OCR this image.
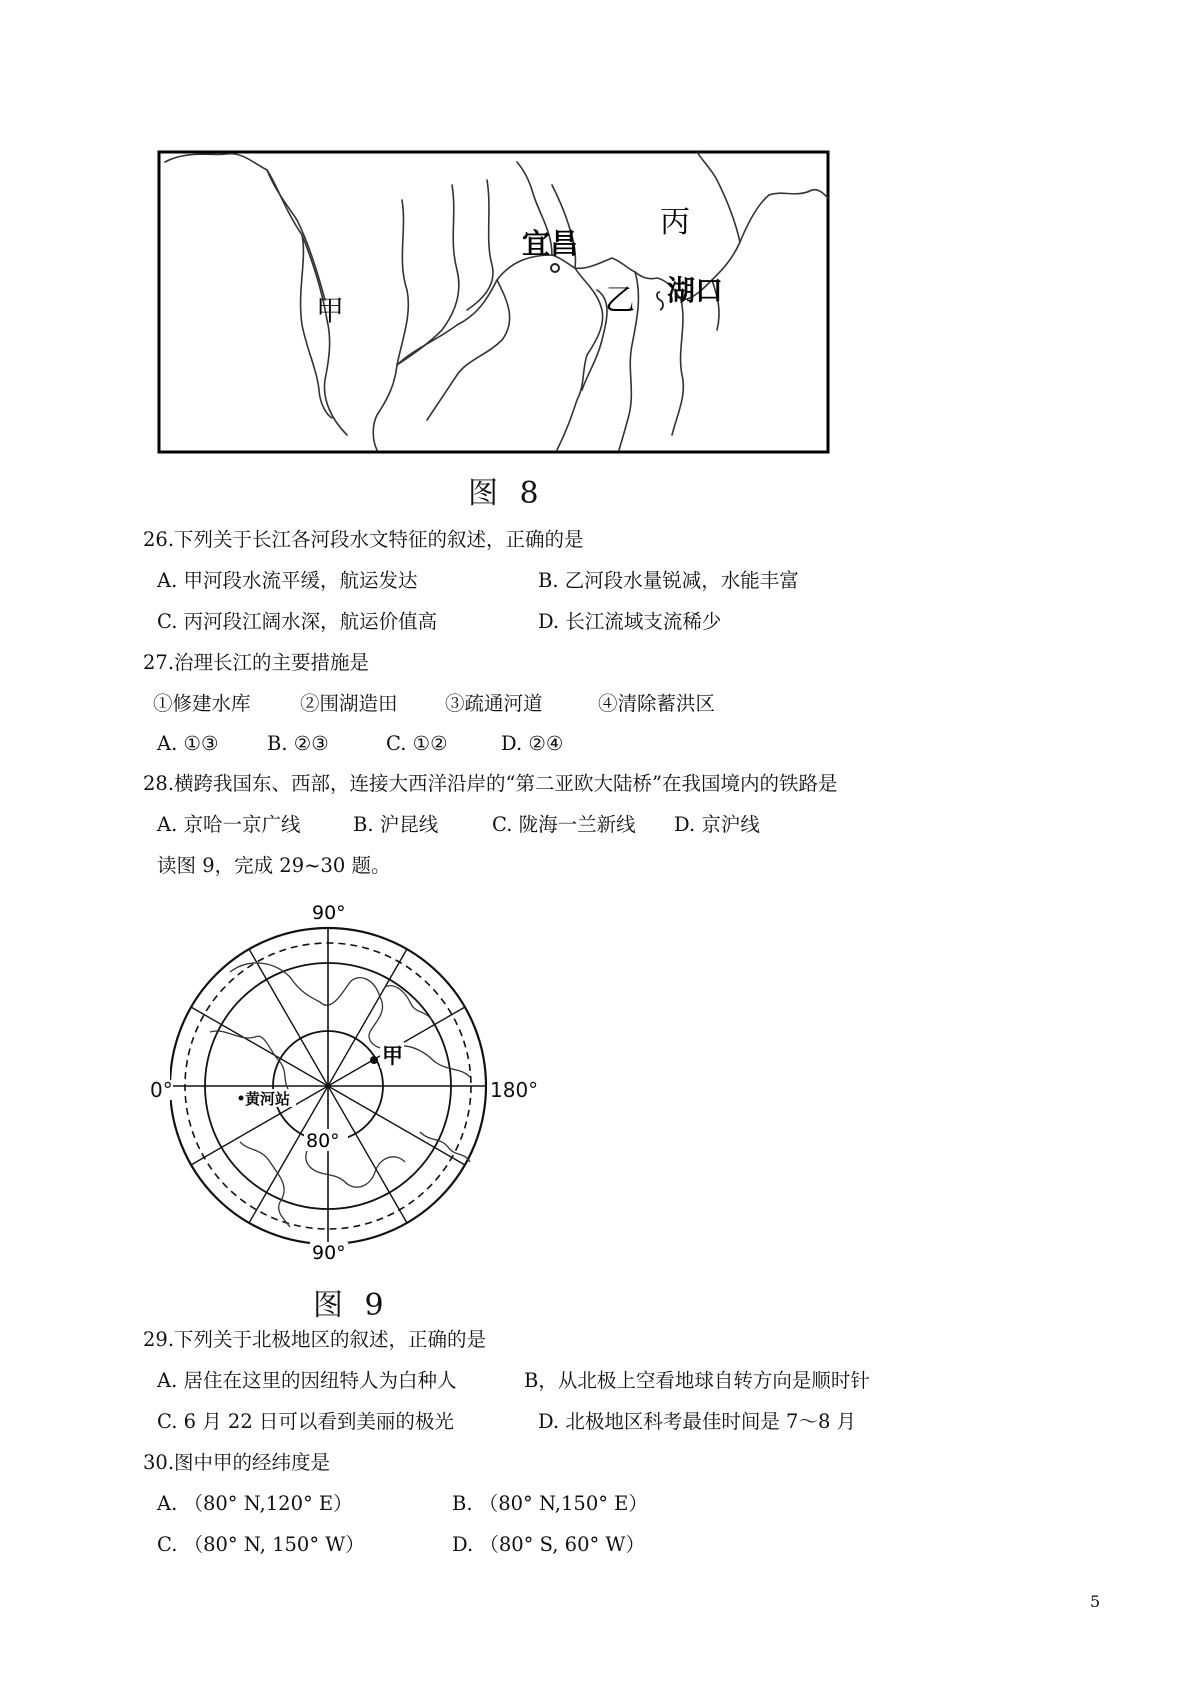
甲
宜昌
丙
乙 湖口
图 8
26.下列关于长江各河段水文特征的叙述，正确的是
A. 甲河段水流平缓，航运发达	B. 乙河段水量锐减，水能丰富
C. 丙河段江阔水深，航运价值高	D. 长江流域支流稀少
27.治理长江的主要措施是
①修建水库	②围湖造田 ③疏通河道	④清除蓄洪区
A. ①③ B. ②③	C. ①②	D. ②④
28.横跨我国东、西部，连接大西洋沿岸的“第二亚欧大陆桥”在我国境内的铁路是
A. 京哈一京广线	B. 沪昆线	C. 陇海一兰新线 D. 京沪线
读图 9，完成 29~30 题。
甲
黄河站
80°
90°
90°
0°	180°
图 9
29.下列关于北极地区的叙述，正确的是
A. 居住在这里的因纽特人为白种人	B，从北极上空看地球自转方向是顺时针
C. 6 月 22 日可以看到美丽的极光	D. 北极地区科考最佳时间是 7～8 月
30.图中甲的经纬度是
A. （80° N,120° E）	B. （80° N,150° E）
C. （80° N, 150° W）	D. （80° S, 60° W）
5
